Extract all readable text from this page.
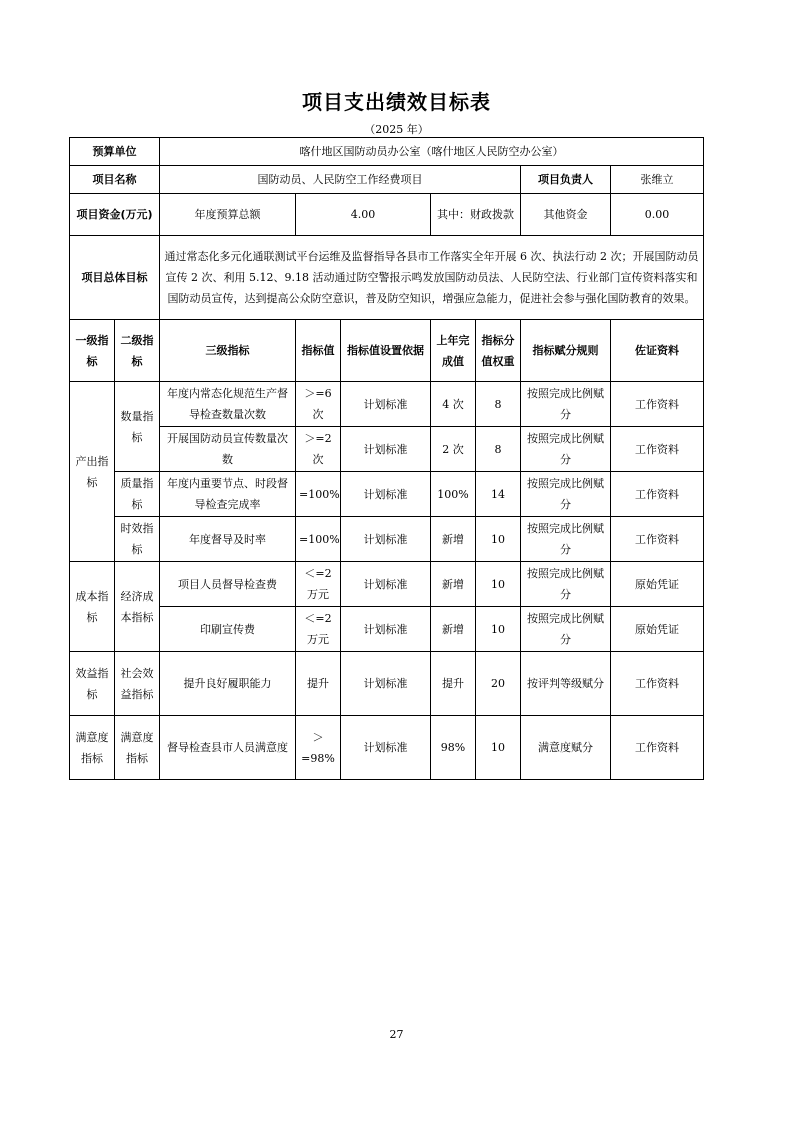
项目支出绩效目标表
（2025 年）
预算单位		喀什地区国防动员办公室（喀什地区人民防空办公室）						
项目名称		国防动员、人民防空工作经费项目					项目负责人	张维立
项目资金(万元)		年度预算总额	4.00		其中：财政拨款		其他资金	0.00
项目总体目标		通过常态化多元化通联测试平台运维及监督指导各县市工作落实全年开展 6 次、执法行动 2 次；开展国防动员宣传 2 次、利用 5.12、9.18 活动通过防空警报示鸣发放国防动员法、人民防空法、行业部门宣传资料落实和国防动员宣传，达到提高公众防空意识，普及防空知识，增强应急能力，促进社会参与强化国防教育的效果。						
一级指标	二级指标	三级指标	指标值	指标值设置依据	上年完成值	指标分值权重	指标赋分规则	佐证资料
产出指标	数量指标	年度内常态化规范生产督导检查数量次数	＞=6次	计划标准	4 次	8	按照完成比例赋分	工作资料
		开展国防动员宣传数量次数	＞=2次	计划标准	2 次	8	按照完成比例赋分	工作资料
	质量指标	年度内重要节点、时段督导检查完成率	=100%	计划标准	100%	14	按照完成比例赋分	工作资料
	时效指标	年度督导及时率	=100%	计划标准	新增	10	按照完成比例赋分	工作资料
成本指标	经济成本指标	项目人员督导检查费	＜=2万元	计划标准	新增	10	按照完成比例赋分	原始凭证
		印刷宣传费	＜=2万元	计划标准	新增	10	按照完成比例赋分	原始凭证
效益指标	社会效益指标	提升良好履职能力	提升	计划标准	提升	20	按评判等级赋分	工作资料
满意度指标	满意度指标	督导检查县市人员满意度	＞=98%	计划标准	98%	10	满意度赋分	工作资料
27
